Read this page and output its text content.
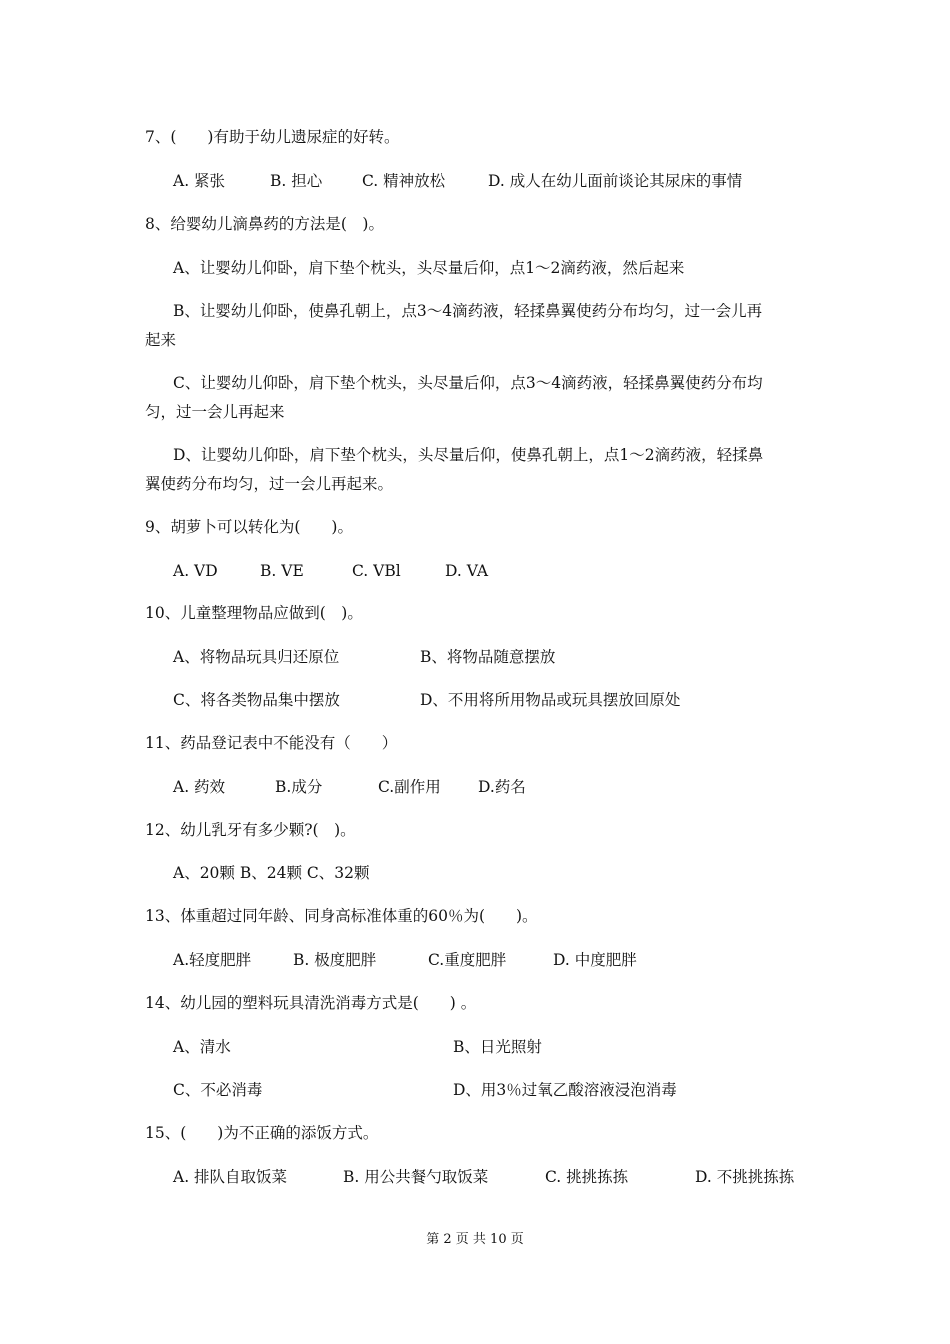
7、(　　)有助于幼儿遗尿症的好转。
A. 紧张	B. 担心	C. 精神放松	D. 成人在幼儿面前谈论其尿床的事情
8、给婴幼儿滴鼻药的方法是(　)。
A、让婴幼儿仰卧，肩下垫个枕头，头尽量后仰，点1～2滴药液，然后起来
B、让婴幼儿仰卧，使鼻孔朝上，点3～4滴药液，轻揉鼻翼使药分布均匀，过一会儿再
起来
C、让婴幼儿仰卧，肩下垫个枕头，头尽量后仰，点3～4滴药液，轻揉鼻翼使药分布均
匀，过一会儿再起来
D、让婴幼儿仰卧，肩下垫个枕头，头尽量后仰，使鼻孔朝上，点1～2滴药液，轻揉鼻
翼使药分布均匀，过一会儿再起来。
9、胡萝卜可以转化为(　　)。
A. VD	B. VE	C. VBl	D. VA
10、儿童整理物品应做到(　)。
A、将物品玩具归还原位	B、将物品随意摆放
C、将各类物品集中摆放	D、不用将所用物品或玩具摆放回原处
11、药品登记表中不能没有（　　）
A. 药效	B.成分	C.副作用 D.药名
12、幼儿乳牙有多少颗?(　)。
A、20颗 B、24颗 C、32颗
13、体重超过同年龄、同身高标准体重的60％为(　　)。
A.轻度肥胖	B. 极度肥胖	C.重度肥胖	D. 中度肥胖
14、幼儿园的塑料玩具清洗消毒方式是(　　) 。
A、清水	B、日光照射
C、不必消毒	D、用3％过氧乙酸溶液浸泡消毒
15、(　　)为不正确的添饭方式。
A. 排队自取饭菜	B. 用公共餐勺取饭菜	C. 挑挑拣拣	D. 不挑挑拣拣
第 2 页 共 10 页
